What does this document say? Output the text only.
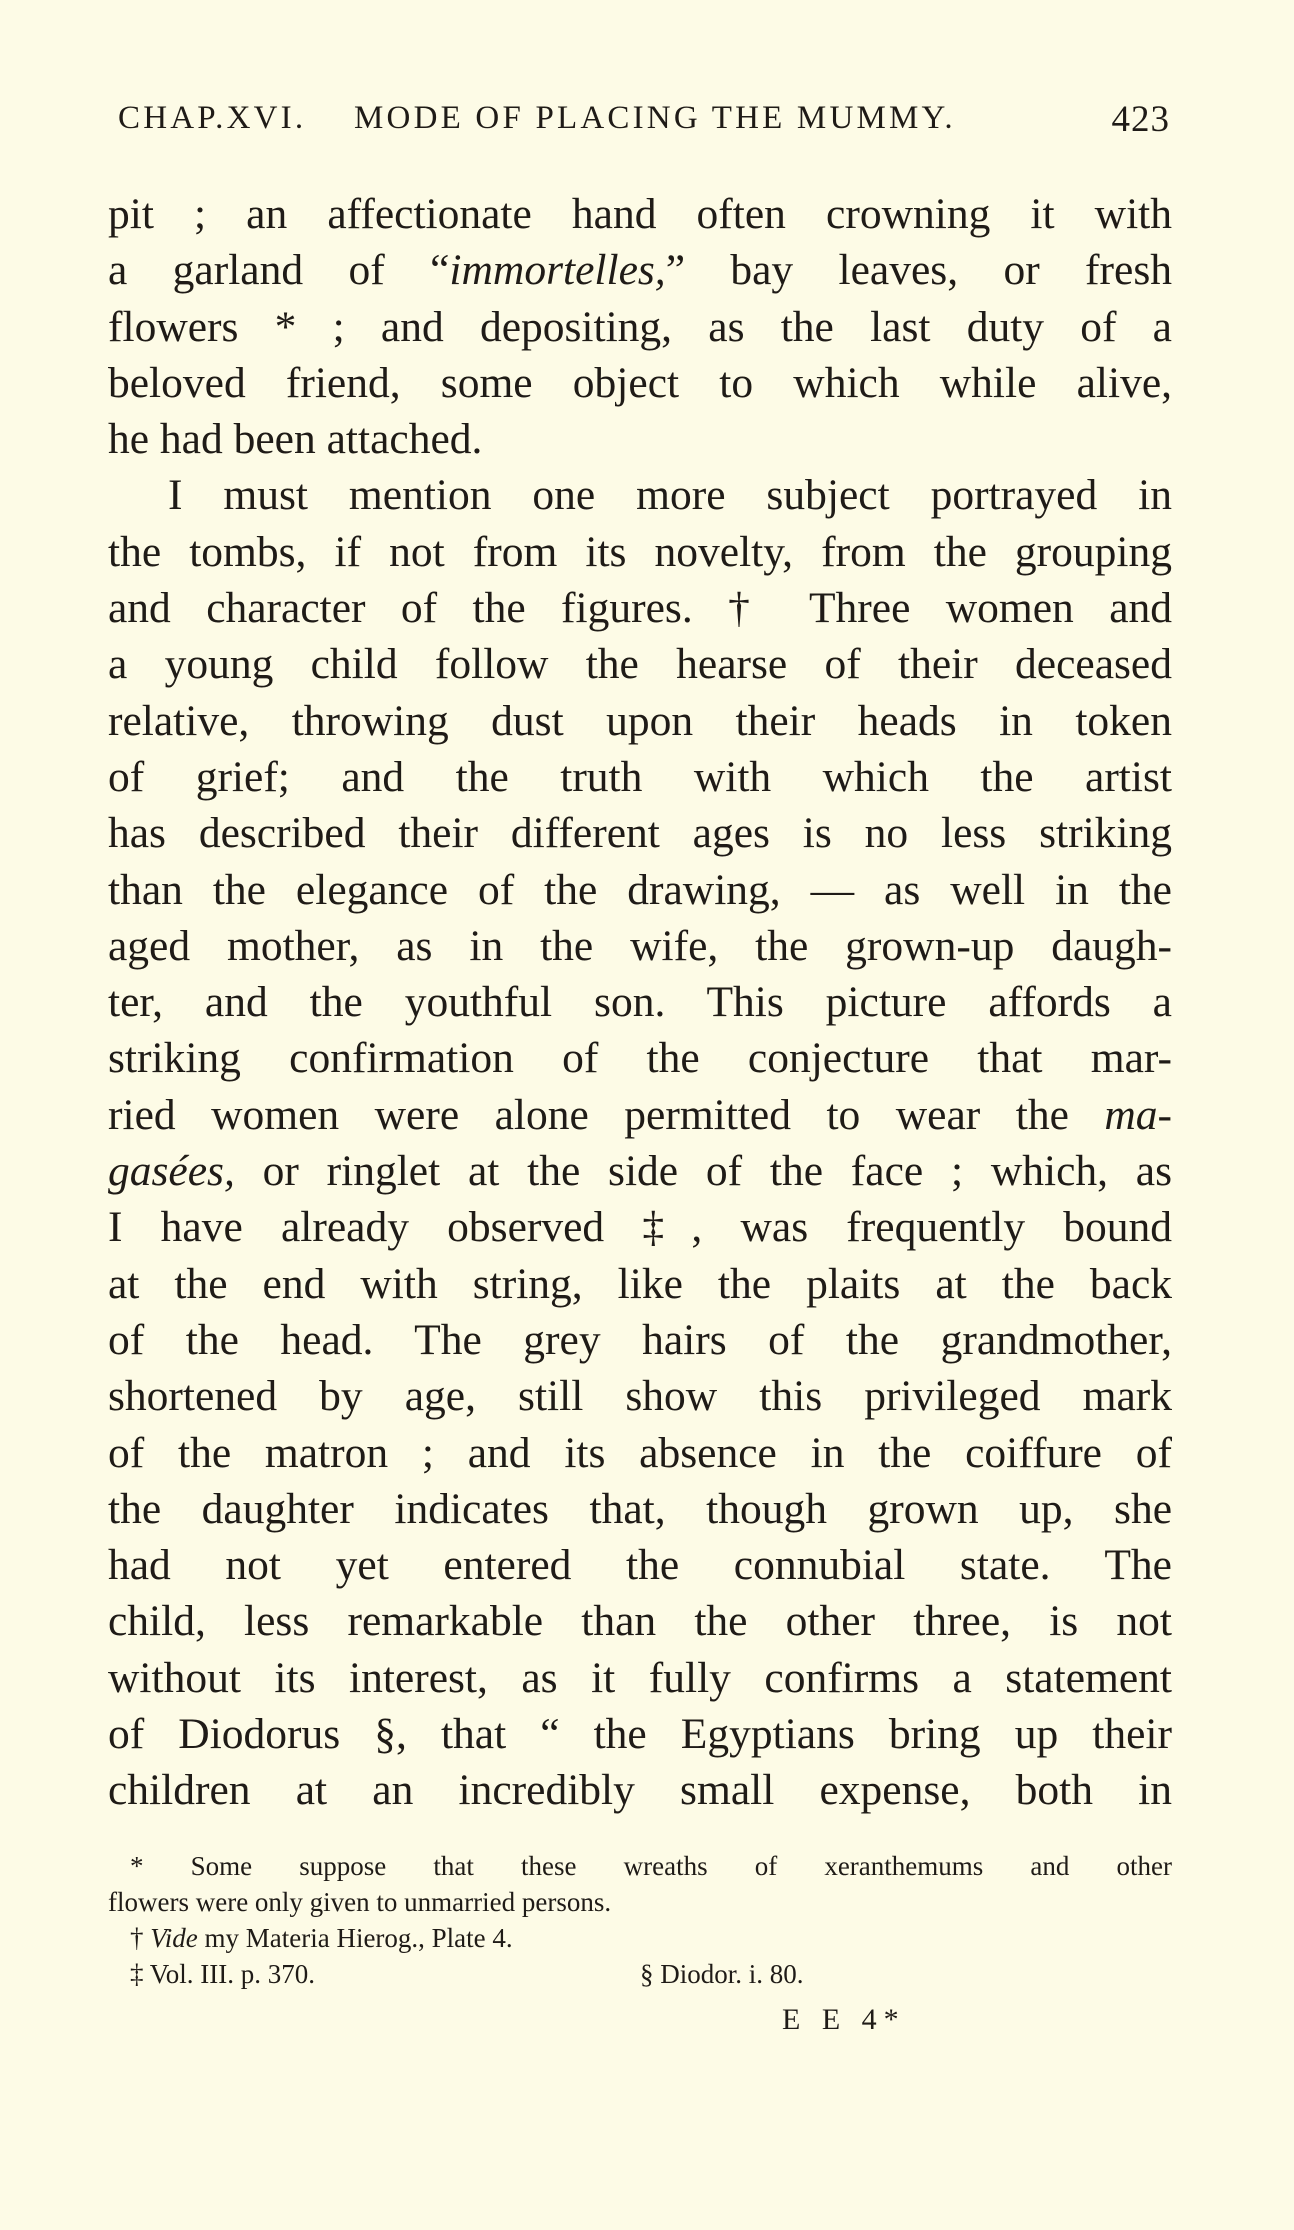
CHAP.XVI. MODE OF PLACING THE MUMMY.	423
pit ; an affectionate hand often crowning it with
a garland of “immortelles,” bay leaves, or fresh
flowers * ; and depositing, as the last duty of a
beloved friend, some object to which while alive,
he had been attached.
I must mention one more subject portrayed in
the tombs, if not from its novelty, from the grouping
and character of the figures. † Three women and
a young child follow the hearse of their deceased
relative, throwing dust upon their heads in token
of grief; and the truth with which the artist
has described their different ages is no less striking
than the elegance of the drawing, — as well in the
aged mother, as in the wife, the grown-up daugh-
ter, and the youthful son. This picture affords a
striking confirmation of the conjecture that mar-
ried women were alone permitted to wear the ma-
gasées, or ringlet at the side of the face ; which, as
I have already observed ‡, was frequently bound
at the end with string, like the plaits at the back
of the head. The grey hairs of the grandmother,
shortened by age, still show this privileged mark
of the matron ; and its absence in the coiffure of
the daughter indicates that, though grown up, she
had not yet entered the connubial state. The
child, less remarkable than the other three, is not
without its interest, as it fully confirms a statement
of Diodorus §, that “ the Egyptians bring up their
children at an incredibly small expense, both in
* Some suppose that these wreaths of xeranthemums and other
flowers were only given to unmarried persons.
† Vide my Materia Hierog., Plate 4.
‡ Vol. III. p. 370.	§ Diodor. i. 80.
E E 4*
